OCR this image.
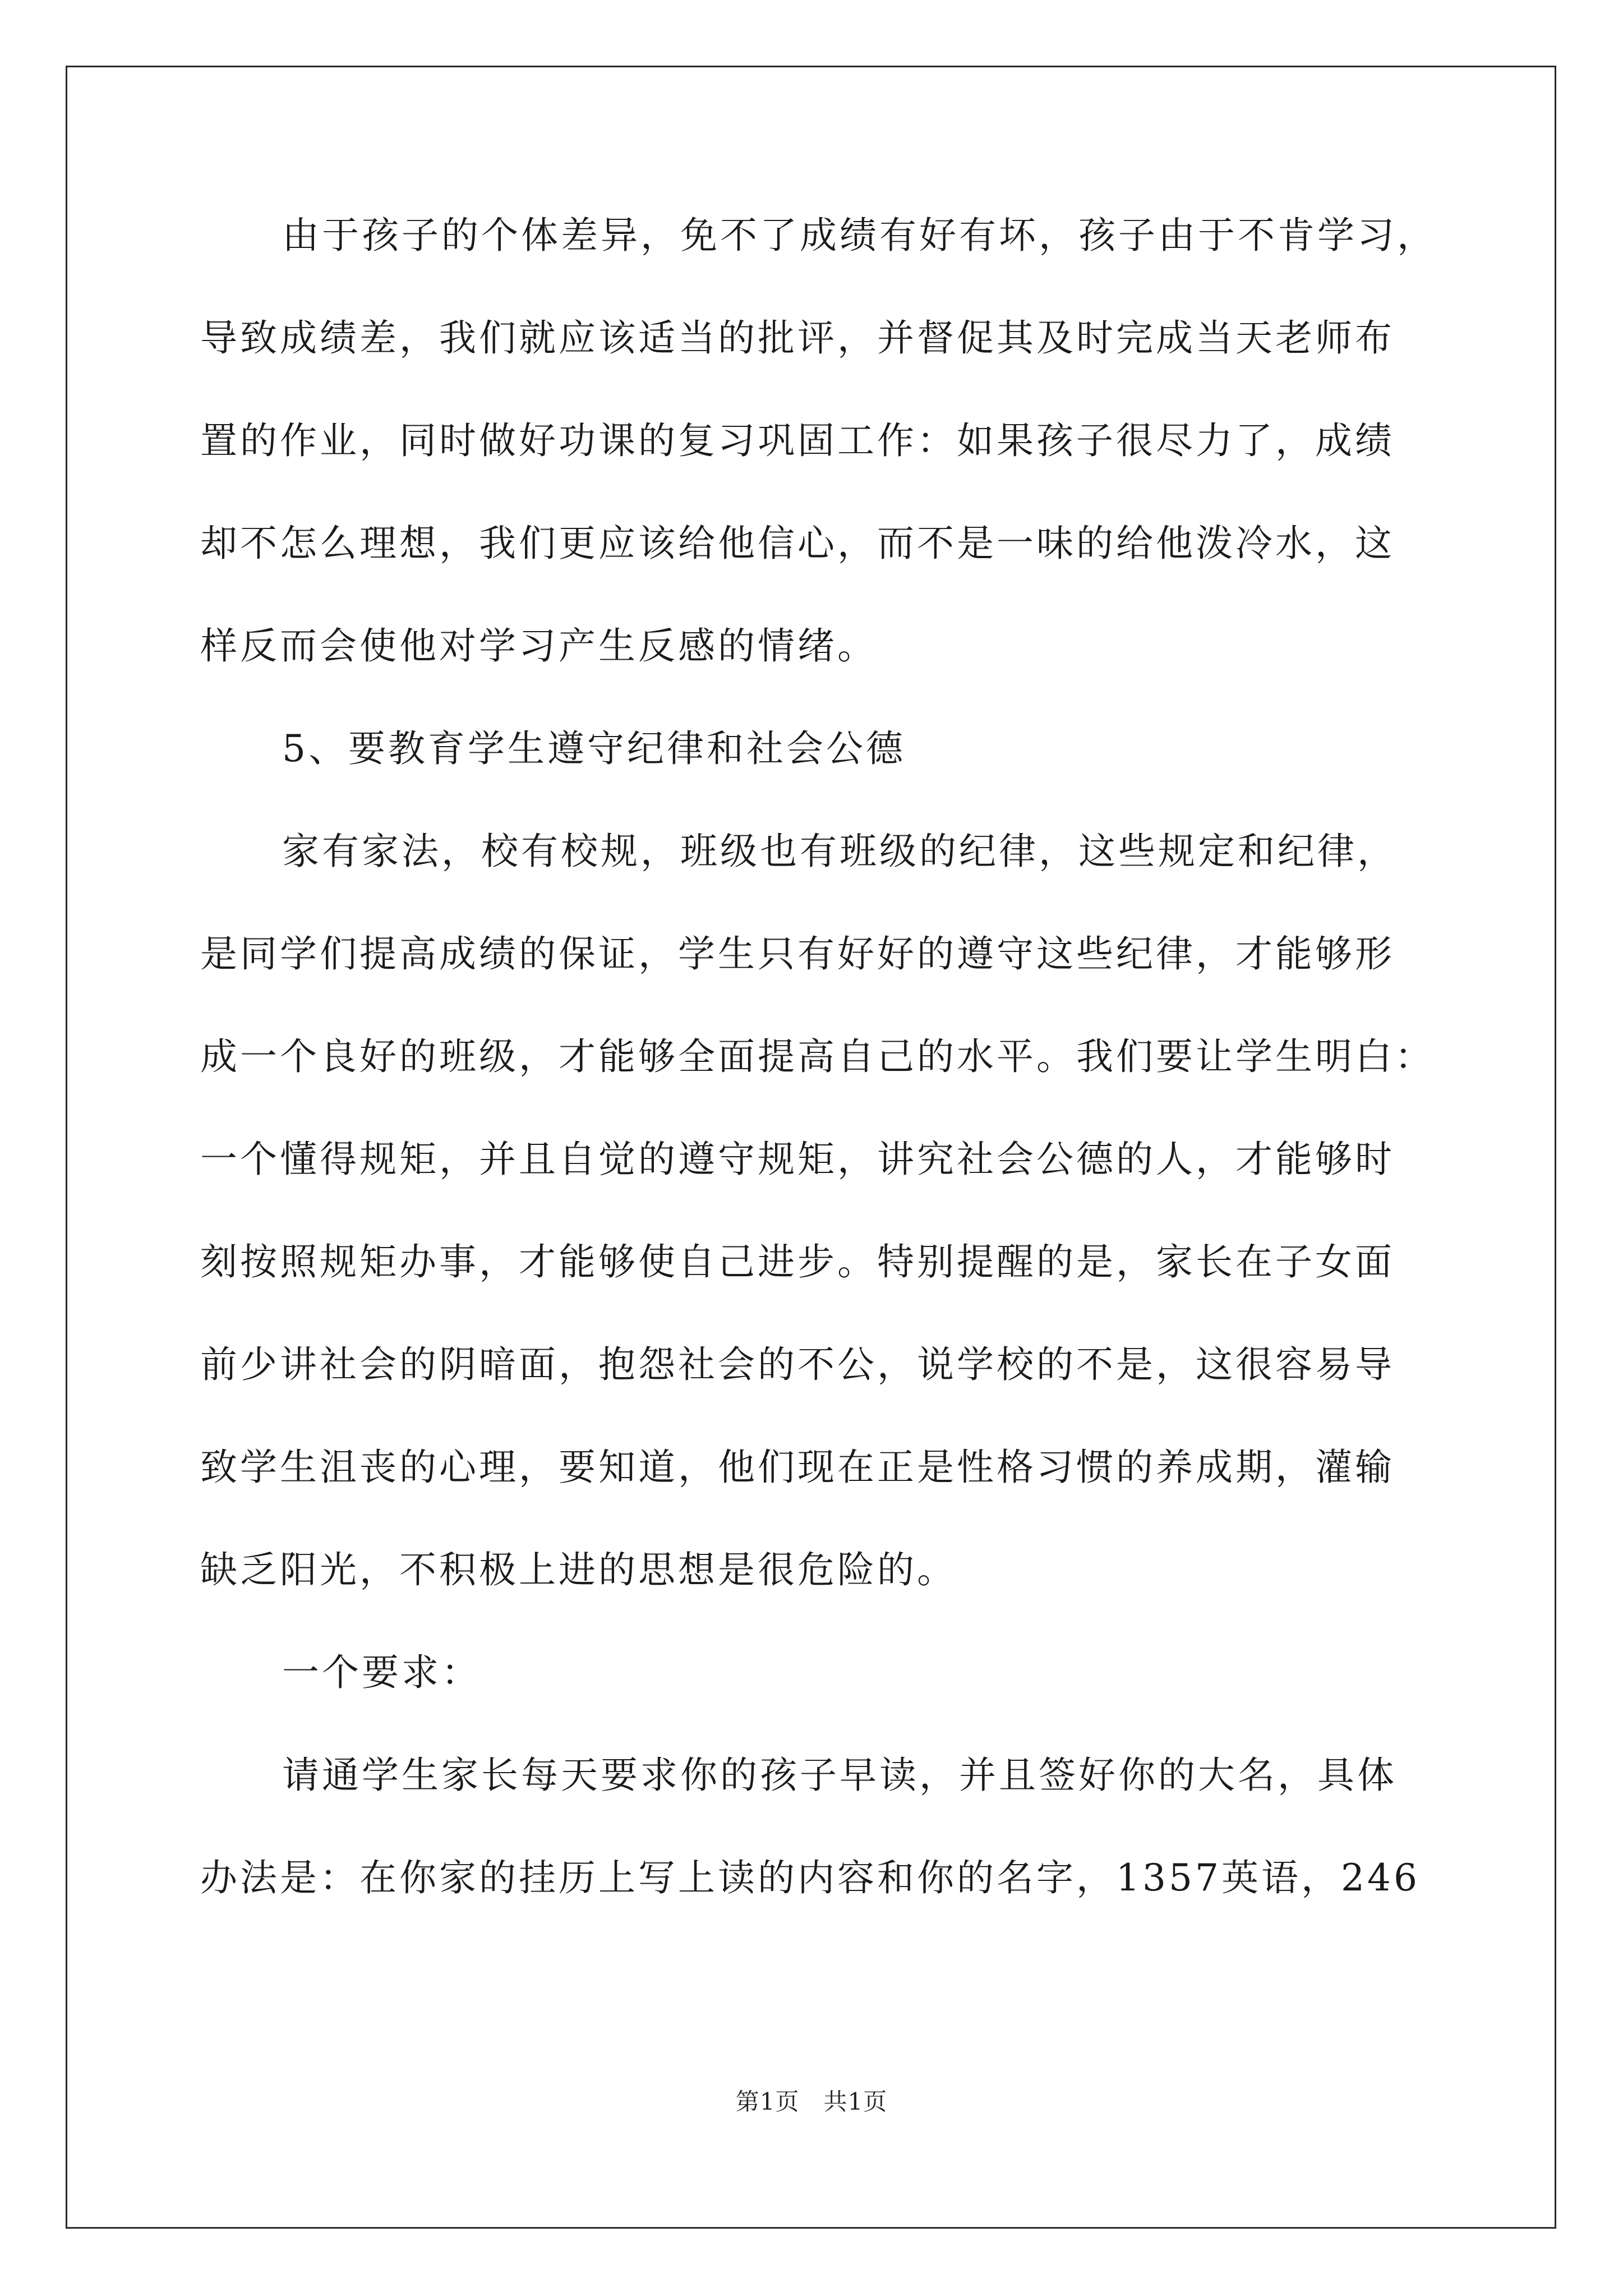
由于孩子的个体差异，免不了成绩有好有坏，孩子由于不肯学习，
导致成绩差，我们就应该适当的批评，并督促其及时完成当天老师布
置的作业，同时做好功课的复习巩固工作：如果孩子很尽力了，成绩
却不怎么理想，我们更应该给他信心，而不是一味的给他泼冷水，这
样反而会使他对学习产生反感的情绪。
5、要教育学生遵守纪律和社会公德
家有家法，校有校规，班级也有班级的纪律，这些规定和纪律，
是同学们提高成绩的保证，学生只有好好的遵守这些纪律，才能够形
成一个良好的班级，才能够全面提高自己的水平。我们要让学生明白：
一个懂得规矩，并且自觉的遵守规矩，讲究社会公德的人，才能够时
刻按照规矩办事，才能够使自己进步。特别提醒的是，家长在子女面
前少讲社会的阴暗面，抱怨社会的不公，说学校的不是，这很容易导
致学生沮丧的心理，要知道，他们现在正是性格习惯的养成期，灌输
缺乏阳光，不积极上进的思想是很危险的。
一个要求：
请通学生家长每天要求你的孩子早读，并且签好你的大名，具体
办法是：在你家的挂历上写上读的内容和你的名字，1357英语，246
第1页　共1页
